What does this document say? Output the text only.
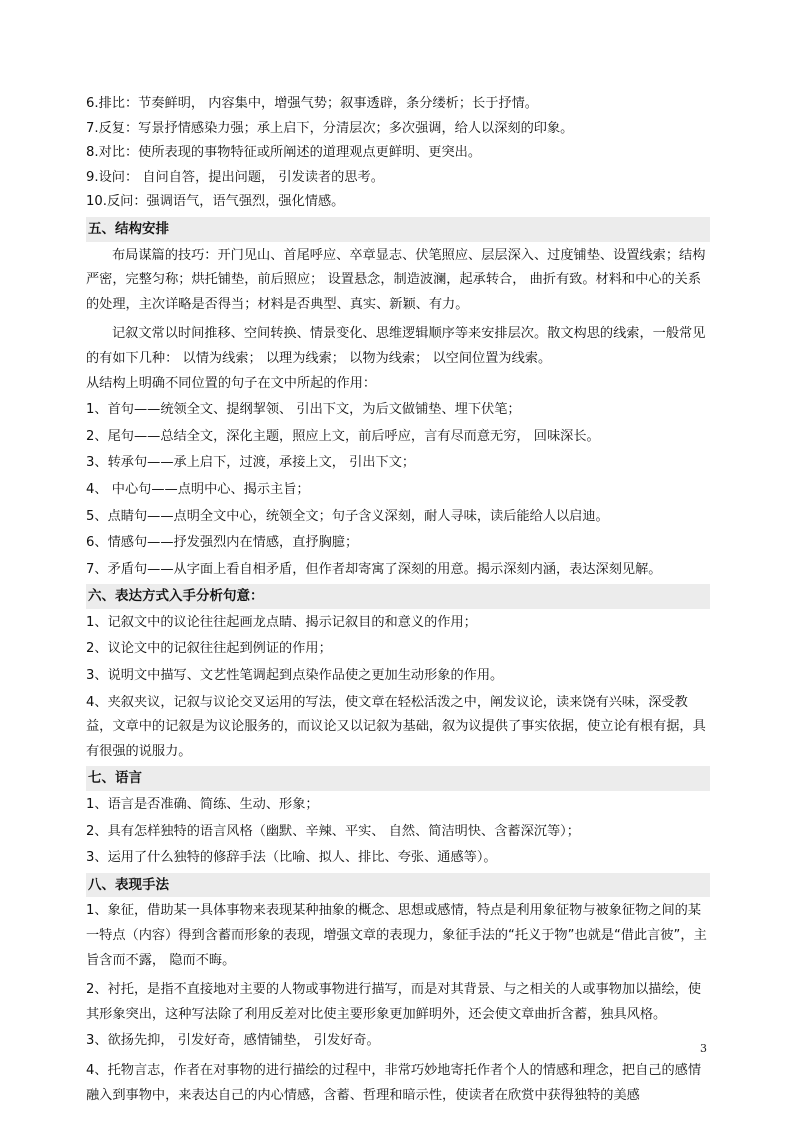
6.排比：节奏鲜明， 内容集中，增强气势；叙事透辟，条分缕析；长于抒情。
7.反复：写景抒情感染力强；承上启下，分清层次；多次强调，给人以深刻的印象。
8.对比：使所表现的事物特征或所阐述的道理观点更鲜明、更突出。
9.设问： 自问自答，提出问题， 引发读者的思考。
10.反问：强调语气，语气强烈，强化情感。
五、结构安排
布局谋篇的技巧：开门见山、首尾呼应、卒章显志、伏笔照应、层层深入、过度铺垫、设置线索；结构严密，完整匀称；烘托铺垫，前后照应； 设置悬念，制造波澜，起承转合， 曲折有致。材料和中心的关系的处理，主次详略是否得当；材料是否典型、真实、新颖、有力。
记叙文常以时间推移、空间转换、情景变化、思维逻辑顺序等来安排层次。散文构思的线索，一般常见的有如下几种： 以情为线索； 以理为线索； 以物为线索； 以空间位置为线索。
从结构上明确不同位置的句子在文中所起的作用：
1、首句——统领全文、提纲挈领、 引出下文，为后文做铺垫、埋下伏笔；
2、尾句——总结全文，深化主题，照应上文，前后呼应，言有尽而意无穷， 回味深长。
3、转承句——承上启下，过渡，承接上文， 引出下文；
4、 中心句——点明中心、揭示主旨；
5、点睛句——点明全文中心，统领全文；句子含义深刻，耐人寻味，读后能给人以启迪。
6、情感句——抒发强烈内在情感，直抒胸臆；
7、矛盾句——从字面上看自相矛盾，但作者却寄寓了深刻的用意。揭示深刻内涵，表达深刻见解。
六、表达方式入手分析句意：
1、记叙文中的议论往往起画龙点睛、揭示记叙目的和意义的作用；
2、议论文中的记叙往往起到例证的作用；
3、说明文中描写、文艺性笔调起到点染作品使之更加生动形象的作用。
4、夹叙夹议，记叙与议论交叉运用的写法，使文章在轻松活泼之中，阐发议论，读来饶有兴味，深受教益，文章中的记叙是为议论服务的，而议论又以记叙为基础，叙为议提供了事实依据，使立论有根有据，具有很强的说服力。
七、语言
1、语言是否准确、简练、生动、形象；
2、具有怎样独特的语言风格（幽默、辛辣、平实、 自然、简洁明快、含蓄深沉等）；
3、运用了什么独特的修辞手法（比喻、拟人、排比、夸张、通感等）。
八、表现手法
1、象征，借助某一具体事物来表现某种抽象的概念、思想或感情，特点是利用象征物与被象征物之间的某一特点（内容）得到含蓄而形象的表现，增强文章的表现力，象征手法的“托义于物”也就是“借此言彼”，主旨含而不露， 隐而不晦。
2、衬托，是指不直接地对主要的人物或事物进行描写，而是对其背景、与之相关的人或事物加以描绘，使其形象突出，这种写法除了利用反差对比使主要形象更加鲜明外，还会使文章曲折含蓄，独具风格。
3、欲扬先抑， 引发好奇，感情铺垫， 引发好奇。
4、托物言志，作者在对事物的进行描绘的过程中，非常巧妙地寄托作者个人的情感和理念，把自己的感情融入到事物中，来表达自己的内心情感，含蓄、哲理和暗示性，使读者在欣赏中获得独特的美感
3
